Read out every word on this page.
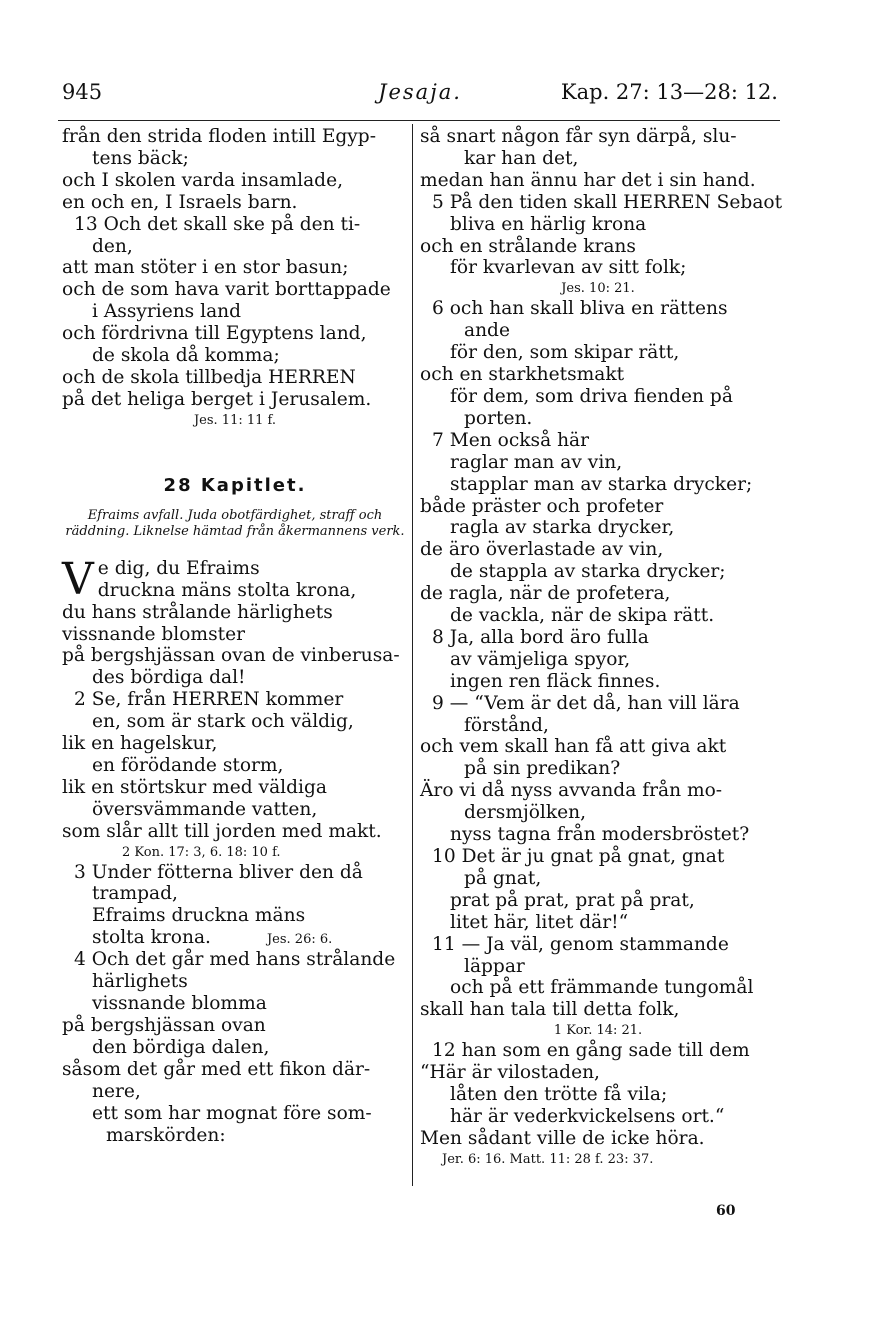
945	Jesaja.	Kap. 27: 13—28: 12.
från den strida floden intill Egyp-
tens bäck;
och I skolen varda insamlade,
en och en, I Israels barn.
13 Och det skall ske på den ti-
den,
att man stöter i en stor basun;
och de som hava varit borttappade
i Assyriens land
och fördrivna till Egyptens land,
de skola då komma;
och de skola tillbedja HERREN
på det heliga berget i Jerusalem.
Jes. 11: 11 f.
28 Kapitlet.
Efraims avfall. Juda obotfärdighet, straff och räddning. Liknelse hämtad från åkermannens verk.
Ve dig, du Efraims
druckna mäns stolta krona,
du hans strålande härlighets
vissnande blomster
på bergshjässan ovan de vinberusa-
des bördiga dal!
2 Se, från HERREN kommer
en, som är stark och väldig,
lik en hagelskur,
en förödande storm,
lik en störtskur med väldiga
översvämmande vatten,
som slår allt till jorden med makt.
2 Kon. 17: 3, 6. 18: 10 f.
3 Under fötterna bliver den då
trampad,
Efraims druckna mäns
stolta krona.	Jes. 26: 6.
4 Och det går med hans strålande
härlighets
vissnande blomma
på bergshjässan ovan
den bördiga dalen,
såsom det går med ett fikon där-
nere,
ett som har mognat före som-
marskörden:
så snart någon får syn därpå, slu-
kar han det,
medan han ännu har det i sin hand.
5 På den tiden skall HERREN Sebaot
bliva en härlig krona
och en strålande krans
för kvarlevan av sitt folk;
Jes. 10: 21.
6 och han skall bliva en rättens
ande
för den, som skipar rätt,
och en starkhetsmakt
för dem, som driva fienden på
porten.
7 Men också här
raglar man av vin,
stapplar man av starka drycker;
både präster och profeter
ragla av starka drycker,
de äro överlastade av vin,
de stappla av starka drycker;
de ragla, när de profetera,
de vackla, när de skipa rätt.
8 Ja, alla bord äro fulla
av vämjeliga spyor,
ingen ren fläck finnes.
9 — “Vem är det då, han vill lära
förstånd,
och vem skall han få att giva akt
på sin predikan?
Äro vi då nyss avvanda från mo-
dersmjölken,
nyss tagna från modersbröstet?
10 Det är ju gnat på gnat, gnat
på gnat,
prat på prat, prat på prat,
litet här, litet där!“
11 — Ja väl, genom stammande
läppar
och på ett främmande tungomål
skall han tala till detta folk,
1 Kor. 14: 21.
12 han som en gång sade till dem
“Här är vilostaden,
låten den trötte få vila;
här är vederkvickelsens ort.“
Men sådant ville de icke höra.
Jer. 6: 16. Matt. 11: 28 f. 23: 37.
60
